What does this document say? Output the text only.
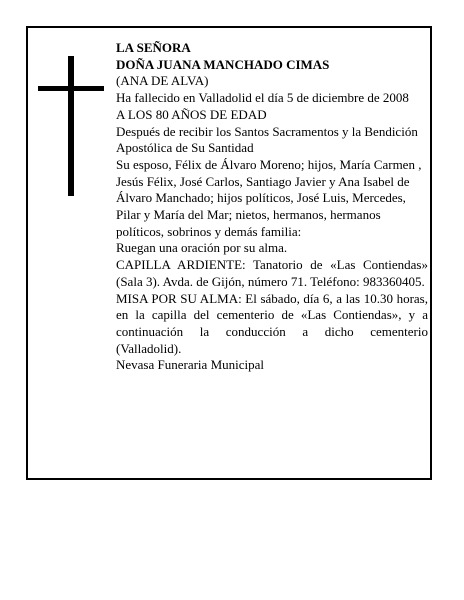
LA SEÑORA

DOÑA JUANA MANCHADO CIMAS

(ANA DE ALVA)

Ha fallecido en Valladolid el día 5 de diciembre de 2008

A LOS 80 AÑOS DE EDAD

Después de recibir los Santos Sacramentos y la Bendición Apostólica de Su Santidad

Su esposo, Félix de Álvaro Moreno; hijos, María Carmen , Jesús Félix, José Carlos, Santiago Javier y Ana Isabel de Álvaro Manchado; hijos políticos, José Luis, Mercedes, Pilar y María del Mar; nietos, hermanos, hermanos políticos, sobrinos y demás familia:

Ruegan una oración por su alma.

CAPILLA ARDIENTE: Tanatorio de «Las Contiendas» (Sala 3). Avda. de Gijón, número 71. Teléfono: 983360405.

MISA POR SU ALMA: El sábado, día 6, a las 10.30 horas, en la capilla del cementerio de «Las Contiendas», y a continuación la conducción a dicho cementerio (Valladolid).

Nevasa Funeraria Municipal
